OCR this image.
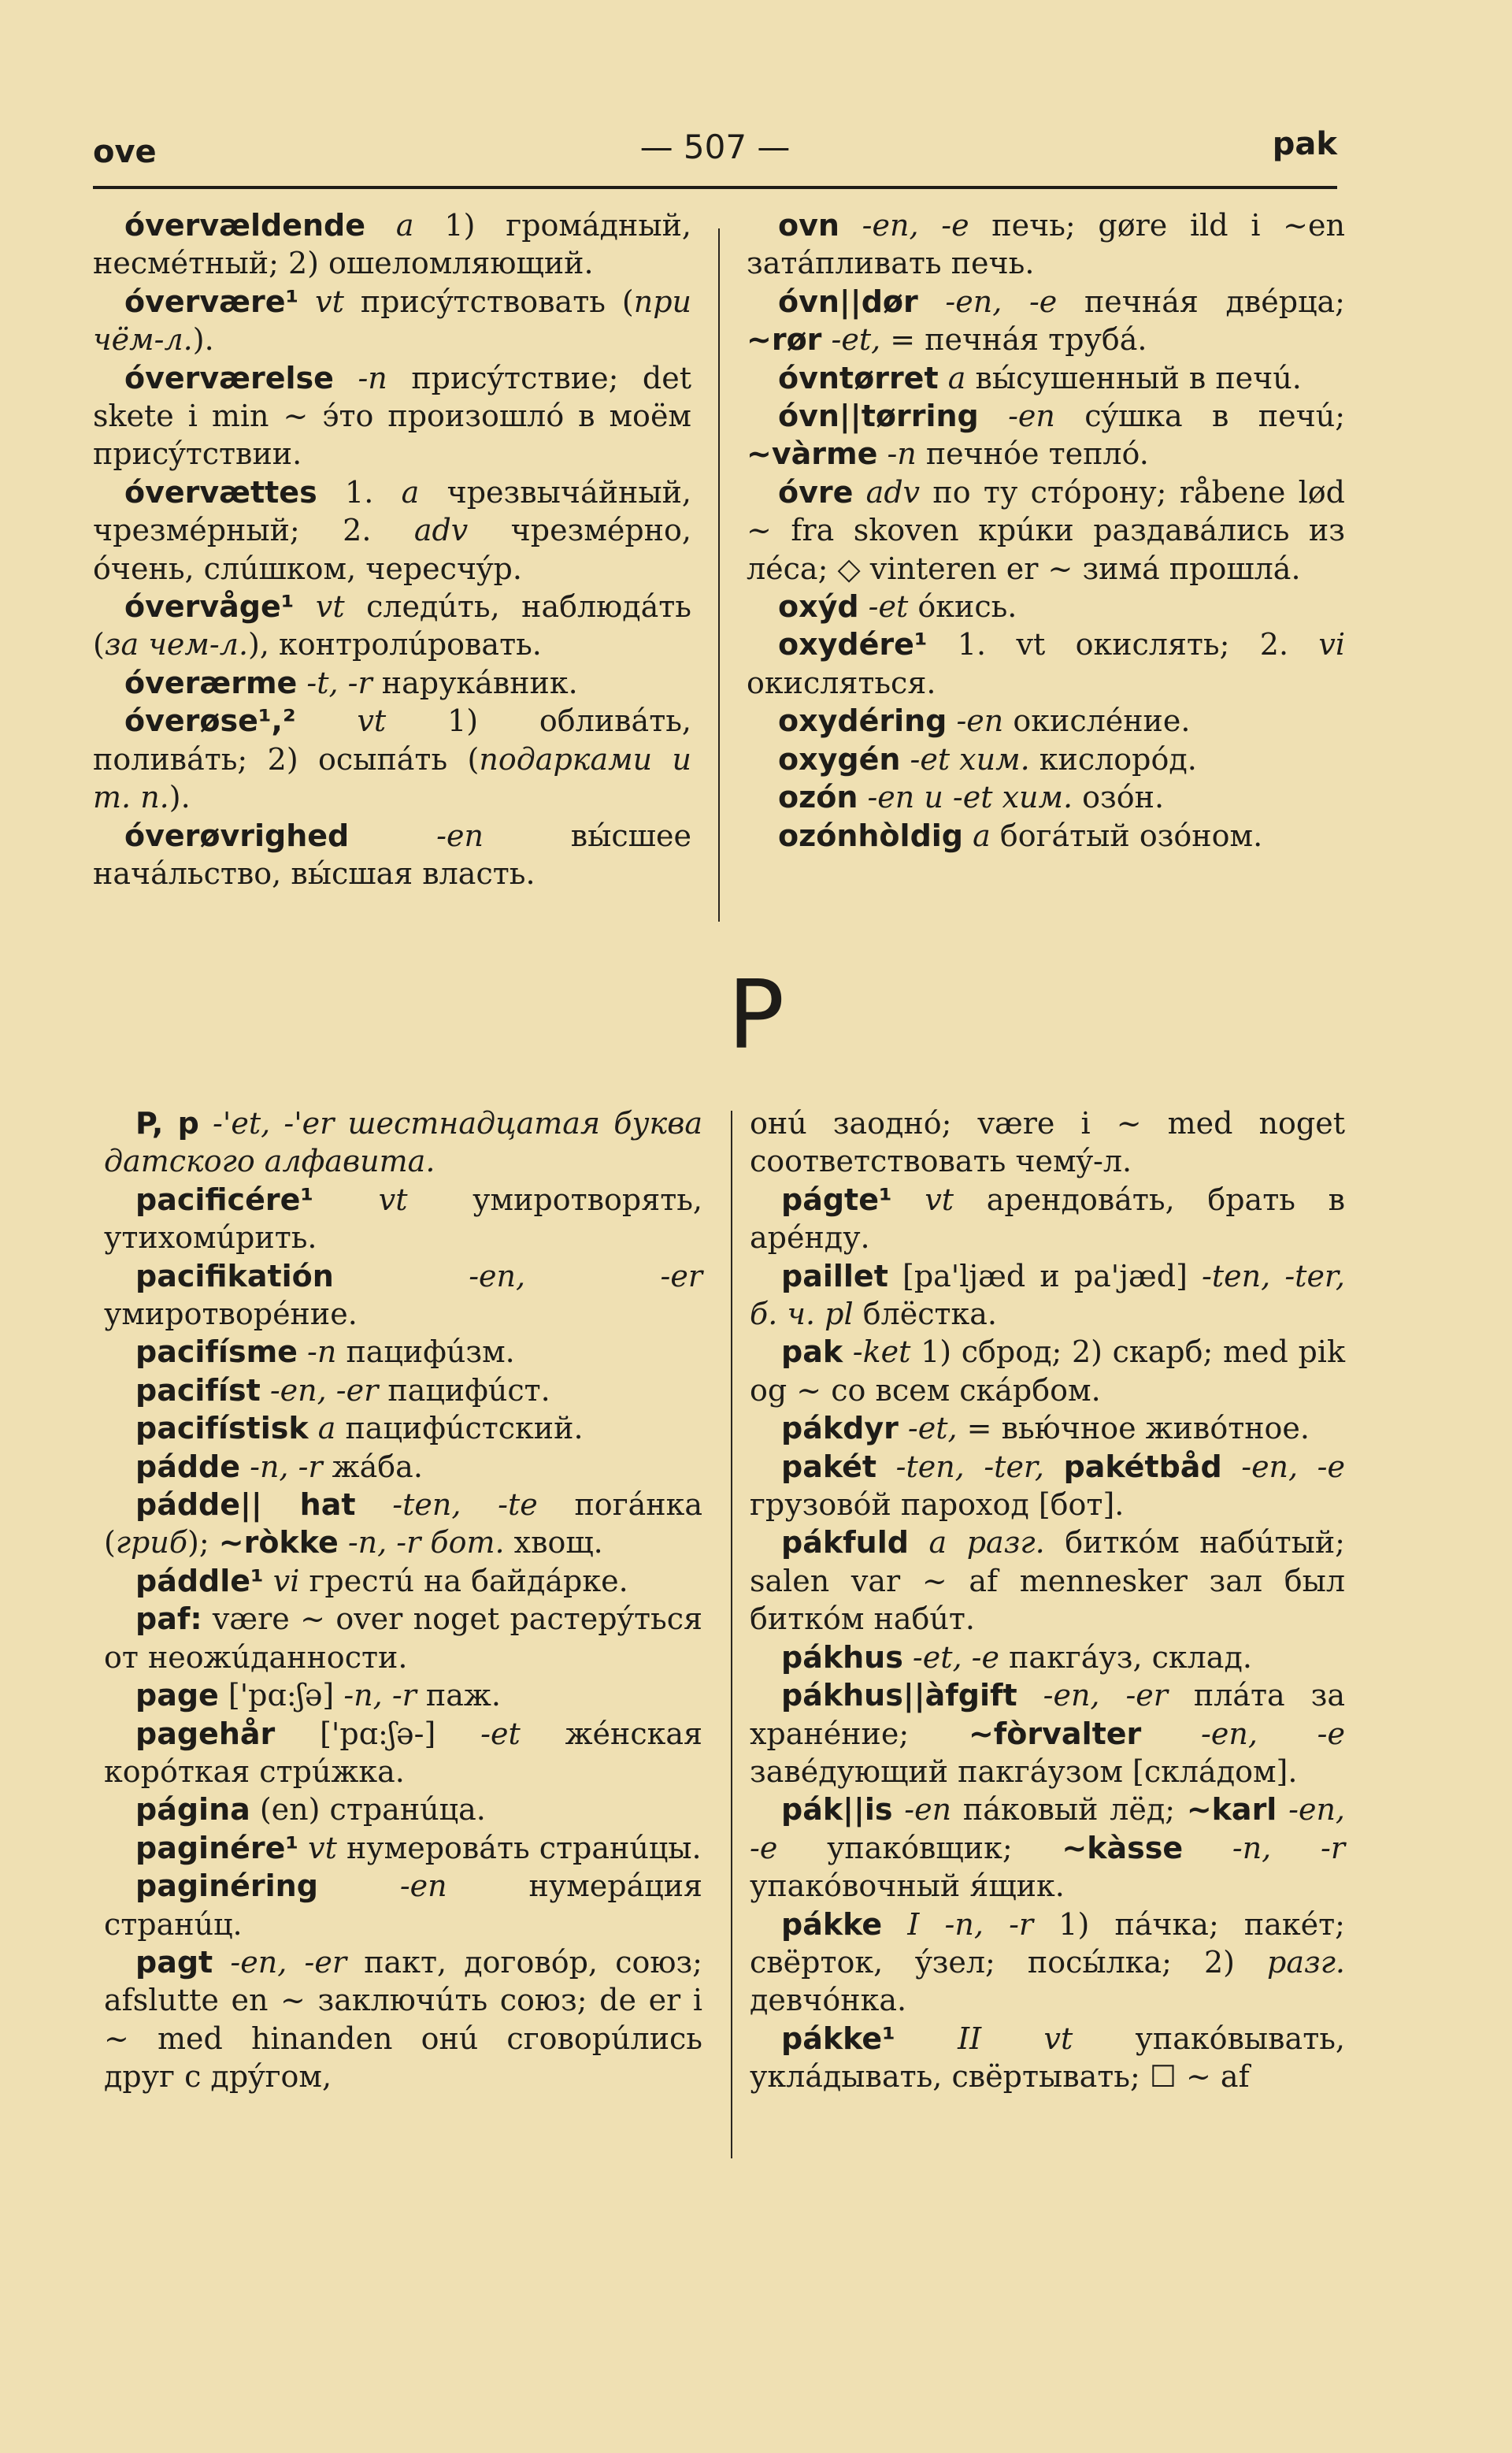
ove	— 507 —	pak

óvervældende a 1) громáдный, несмéтный; 2) ошеломляющий.

óvervære¹ vt присýтствовать (при чём-л.).

óverværelse -n присýтствие; det skete i min ~ э́то произошлó в моём присýтствии.

óvervættes 1. a чрезвычáйный, чрезмéрный; 2. adv чрезмéрно, óчень, слúшком, чересчýр.

óvervåge¹ vt следúть, наблюдáть (за чем-л.), контролúровать.

óverærme -t, -r нарукáвник.

óverøse¹,² vt 1) обливáть, поливáть; 2) осыпáть (подарками и т. п.).

óverøvrighed -en вы́сшее начáльство, вы́сшая власть.

ovn -en, -e печь; gøre ild i ~en затáпливать печь.

óvn||dør -en, -e печнáя двéрца; ~rør -et, = печнáя трубá.

óvntørret a вы́сушенный в печú.

óvn||tørring -en сýшка в печú; ~vàrme -n печнóе теплó.

óvre adv по ту стóрону; råbene lød ~ fra skoven крúки раздавáлись из лéса; ◇ vinteren er ~ зимá прошлá.

oxýd -et óкись.

oxydére¹ 1. vt окислять; 2. vi окисляться.

oxydéring -en окислéние.

oxygén -et хим. кислорóд.

ozón -en и -et хим. озóн.

ozónhòldig a богáтый озóном.

P

P, p -'et, -'er шестнадцатая буква датского алфавита.

pacificére¹ vt умиротворять, утихомúрить.

pacifikatión -en, -er умиротворéние.

pacifísme -n пацифúзм.

pacifíst -en, -er пацифúст.

pacifístisk a пацифúстский.

pádde -n, -r жáба.

pádde|| hat -ten, -te погáнка (гриб); ~ròkke -n, -r бот. хвощ.

páddle¹ vi грестú на байдáрке.

paf: være ~ over noget растерýться от неожúданности.

page ['pɑ:ʃə] -n, -r паж.

pagehår ['pɑ:ʃə-] -et жéнская корóткая стрúжка.

página (en) странúца.

paginére¹ vt нумеровáть странúцы.

paginéring -en нумерáция странúц.

pagt -en, -er пакт, договóр, союз; afslutte en ~ заключúть союз; de er i ~ med hinanden онú сговорúлись друг с дрýгом,

онú заоднó; være i ~ med noget соответствовать чемý-л.

págte¹ vt арендовáть, брать в арéнду.

paillet [pa'ljæd и pa'jæd] -ten, -ter, б. ч. pl блёстка.

pak -ket 1) сброд; 2) скарб; med pik og ~ со всем скáрбом.

pákdyr -et, = вью́чное живóтное.

pakét -ten, -ter, pakétbåd -en, -e грузовóй пароход [бот].

pákfuld a разг. биткóм набúтый; salen var ~ af mennesker зал был биткóм набúт.

pákhus -et, -e пакгáуз, склад.

pákhus||àfgift -en, -er плáта за хранéние; ~fòrvalter -en, -e завéдующий пакгáузом [склáдом].

pák||is -en пáковый лёд; ~karl -en, -e упакóвщик; ~kàsse -n, -r упакóвочный я́щик.

pákke I -n, -r 1) пáчка; пакéт; свёрток, ýзел; посы́лка; 2) разг. девчóнка.

pákke¹ II vt упакóвывать, уклáдывать, свёртывать; ☐ ~ af
